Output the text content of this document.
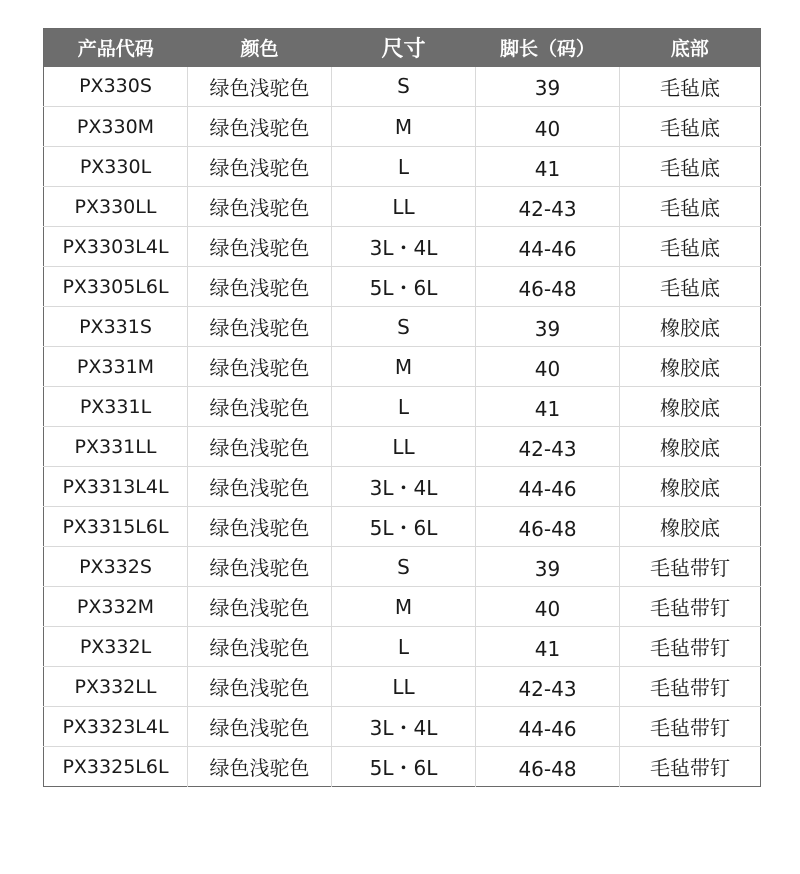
产品代码	颜色	尺寸	脚长（码）	底部
PX330S	绿色浅驼色	S	39	毛毡底
PX330M	绿色浅驼色	M	40	毛毡底
PX330L	绿色浅驼色	L	41	毛毡底
PX330LL	绿色浅驼色	LL	42-43	毛毡底
PX3303L4L	绿色浅驼色	3L・4L	44-46	毛毡底
PX3305L6L	绿色浅驼色	5L・6L	46-48	毛毡底
PX331S	绿色浅驼色	S	39	橡胶底
PX331M	绿色浅驼色	M	40	橡胶底
PX331L	绿色浅驼色	L	41	橡胶底
PX331LL	绿色浅驼色	LL	42-43	橡胶底
PX3313L4L	绿色浅驼色	3L・4L	44-46	橡胶底
PX3315L6L	绿色浅驼色	5L・6L	46-48	橡胶底
PX332S	绿色浅驼色	S	39	毛毡带钉
PX332M	绿色浅驼色	M	40	毛毡带钉
PX332L	绿色浅驼色	L	41	毛毡带钉
PX332LL	绿色浅驼色	LL	42-43	毛毡带钉
PX3323L4L	绿色浅驼色	3L・4L	44-46	毛毡带钉
PX3325L6L	绿色浅驼色	5L・6L	46-48	毛毡带钉
